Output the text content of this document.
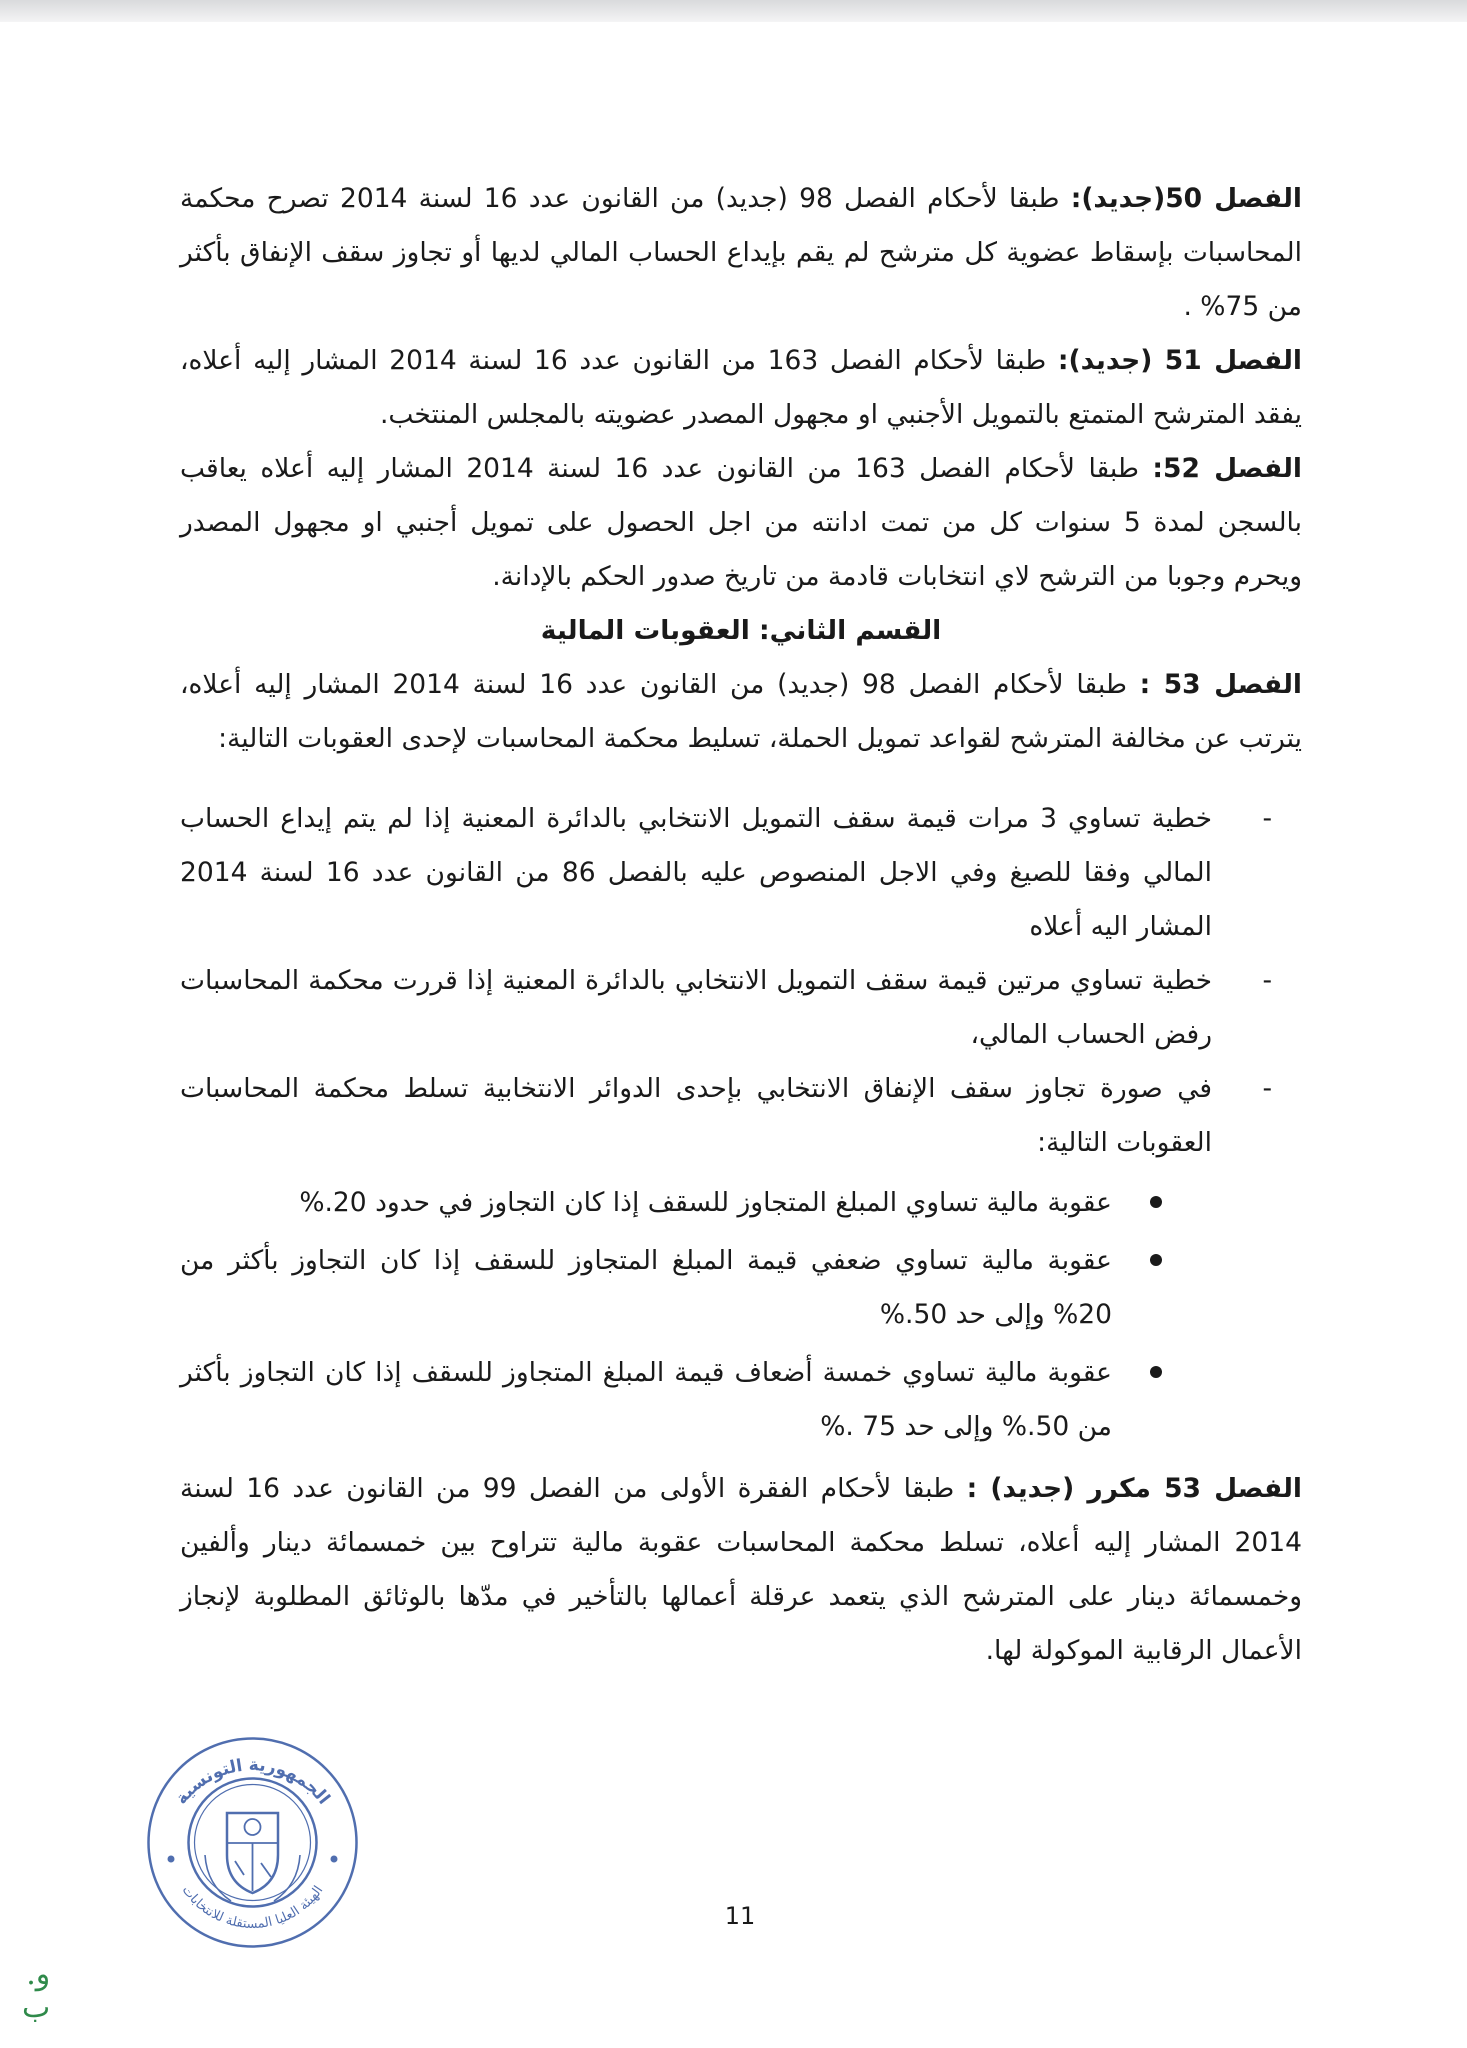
الفصل 50(جديد): طبقا لأحكام الفصل 98 (جديد) من القانون عدد 16 لسنة 2014 تصرح محكمة المحاسبات بإسقاط عضوية كل مترشح لم يقم بإيداع الحساب المالي لديها أو تجاوز سقف الإنفاق بأكثر من 75% .

الفصل 51 (جديد): طبقا لأحكام الفصل 163 من القانون عدد 16 لسنة 2014 المشار إليه أعلاه، يفقد المترشح المتمتع بالتمويل الأجنبي او مجهول المصدر عضويته بالمجلس المنتخب.

الفصل 52: طبقا لأحكام الفصل 163 من القانون عدد 16 لسنة 2014 المشار إليه أعلاه يعاقب بالسجن لمدة 5 سنوات كل من تمت ادانته من اجل الحصول على تمويل أجنبي او مجهول المصدر ويحرم وجوبا من الترشح لاي انتخابات قادمة من تاريخ صدور الحكم بالإدانة.

القسم الثاني: العقوبات المالية

الفصل 53 : طبقا لأحكام الفصل 98 (جديد) من القانون عدد 16 لسنة 2014 المشار إليه أعلاه، يترتب عن مخالفة المترشح لقواعد تمويل الحملة، تسليط محكمة المحاسبات لإحدى العقوبات التالية:

-
خطية تساوي 3 مرات قيمة سقف التمويل الانتخابي بالدائرة المعنية إذا لم يتم إيداع الحساب المالي وفقا للصيغ وفي الاجل المنصوص عليه بالفصل 86 من القانون عدد 16 لسنة 2014 المشار اليه أعلاه
-
خطية تساوي مرتين قيمة سقف التمويل الانتخابي بالدائرة المعنية إذا قررت محكمة المحاسبات رفض الحساب المالي،
-
في صورة تجاوز سقف الإنفاق الانتخابي بإحدى الدوائر الانتخابية تسلط محكمة المحاسبات العقوبات التالية:
عقوبة مالية تساوي المبلغ المتجاوز للسقف إذا كان التجاوز في حدود 20.%
عقوبة مالية تساوي ضعفي قيمة المبلغ المتجاوز للسقف إذا كان التجاوز بأكثر من 20% وإلى حد 50.%
عقوبة مالية تساوي خمسة أضعاف قيمة المبلغ المتجاوز للسقف إذا كان التجاوز بأكثر من 50.% وإلى حد 75 .%

الفصل 53 مكرر (جديد) : طبقا لأحكام الفقرة الأولى من الفصل 99 من القانون عدد 16 لسنة 2014 المشار إليه أعلاه، تسلط محكمة المحاسبات عقوبة مالية تتراوح بين خمسمائة دينار وألفين وخمسمائة دينار على المترشح الذي يتعمد عرقلة أعمالها بالتأخير في مدّها بالوثائق المطلوبة لإنجاز الأعمال الرقابية الموكولة لها.

الجمهورية التونسية
الهيئة العليا المستقلة للانتخابات
11
و.
ب
